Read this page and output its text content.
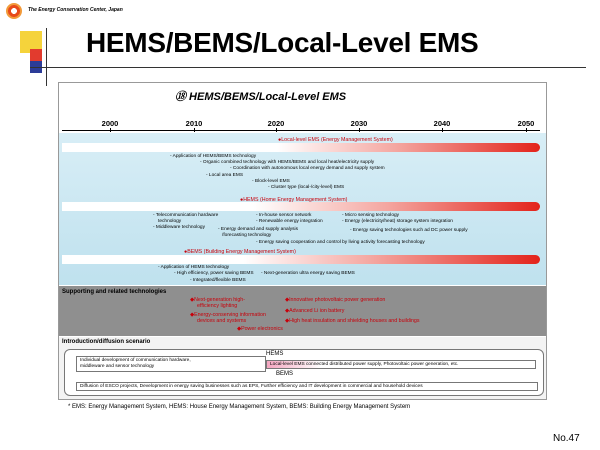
The Energy Conservation Center, Japan
HEMS/BEMS/Local-Level EMS
⑱ HEMS/BEMS/Local-Level EMS
2000	2010	2020	2030	2040	2050
●Local-level EMS (Energy Management System)
- Application of HEMS/BEMS technology
- Organic combined technology with HEMS/BEMS and local heat/electricity supply
- Coordination with autonomous local energy demand and supply system
- Local area EMS
- Block-level EMS
- Cluster type (local-/city-level) EMS
●HEMS (Home Energy Management System)
- Telecommunication hardware
technology
- Middleware technology
- In-house sensor network
- Renewable energy integration
- Micro sensing technology
- Energy (electricity/heat) storage system integration
- Energy demand and supply analysis
/forecasting technology
- Energy saving technologies such ad DC power supply
- Energy saving cooperation and control by living activity forecasting technology
●BEMS (Building Energy Management System)
- Application of HEMS technology
- High efficiency, power saving BEMS - Next-generation ultra energy saving BEMS
- Integrated/flexible BEMS
Supporting and related technologies
◆Next-generation high-
efficiency lighting
◆Energy-conserving information
devices and systems
◆Power electronics
◆Innovative photovoltaic power generation
◆Advanced Li ion battery
◆High heat insulation and shielding houses and buildings
Introduction/diffusion scenario
Individual development of communication hardware,
middleware and sensor technology
HEMS
Local-level EMS connected distributed power supply, Photovoltaic power generation, etc.
BEMS
Diffusion of ESCO projects, Development in energy saving businesses such as EPS, Further efficiency and IT development in commercial and household devices
* EMS: Energy Management System, HEMS: House Energy Management System, BEMS: Building Energy Management System
No.47
